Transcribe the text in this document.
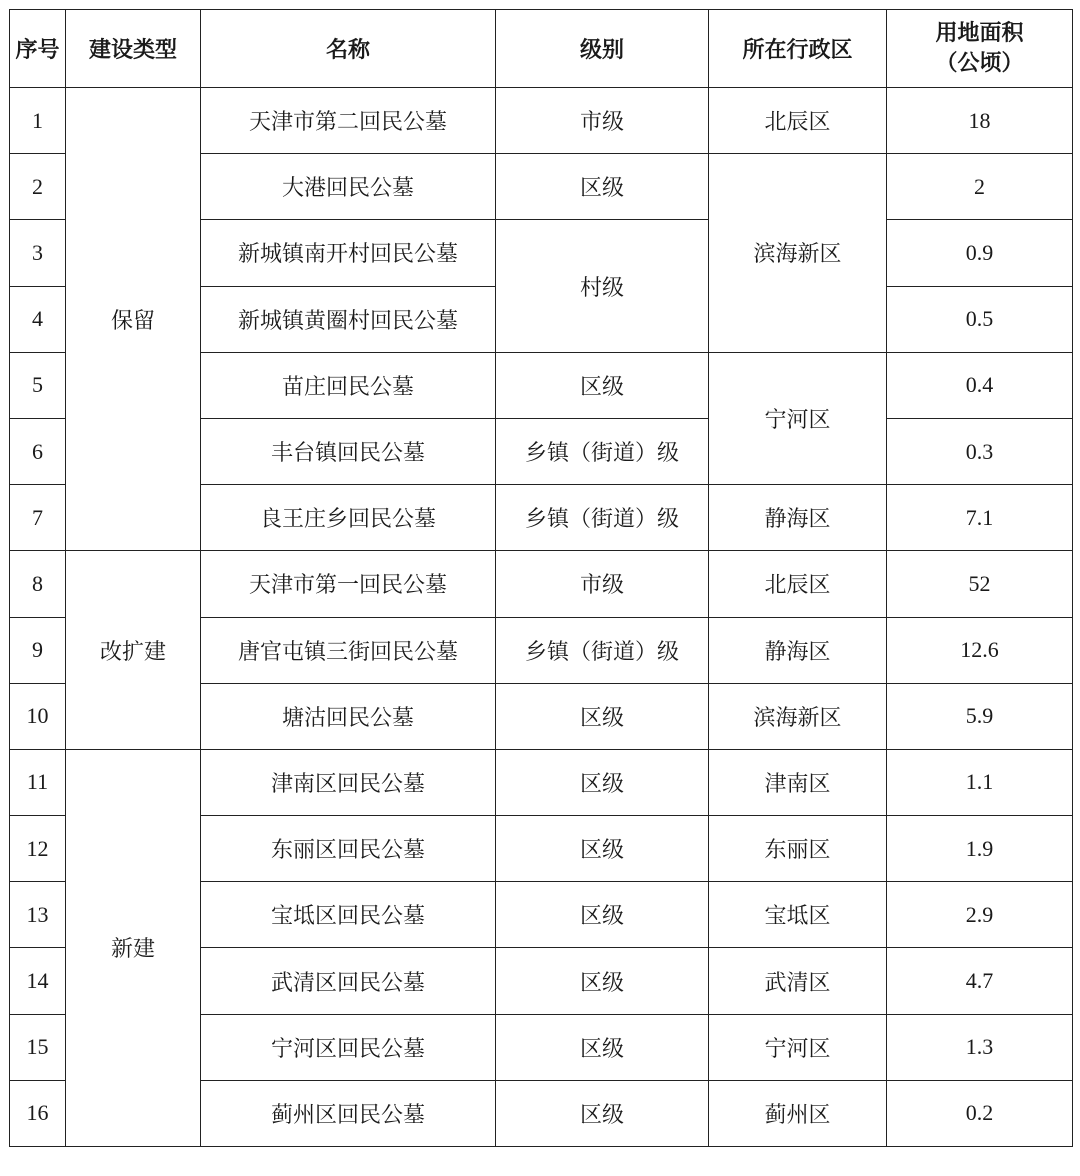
序号	建设类型	名称	级别	所在行政区	用地面积
（公顷）

1	保留	天津市第二回民公墓	市级	北辰区	18
2		大港回民公墓	区级	滨海新区	2
3		新城镇南开村回民公墓	村级		0.9
4		新城镇黄圈村回民公墓			0.5
5		苗庄回民公墓	区级	宁河区	0.4
6		丰台镇回民公墓	乡镇（街道）级		0.3
7		良王庄乡回民公墓	乡镇（街道）级	静海区	7.1
8	改扩建	天津市第一回民公墓	市级	北辰区	52
9		唐官屯镇三街回民公墓	乡镇（街道）级	静海区	12.6
10		塘沽回民公墓	区级	滨海新区	5.9
11	新建	津南区回民公墓	区级	津南区	1.1
12		东丽区回民公墓	区级	东丽区	1.9
13		宝坻区回民公墓	区级	宝坻区	2.9
14		武清区回民公墓	区级	武清区	4.7
15		宁河区回民公墓	区级	宁河区	1.3
16		蓟州区回民公墓	区级	蓟州区	0.2
